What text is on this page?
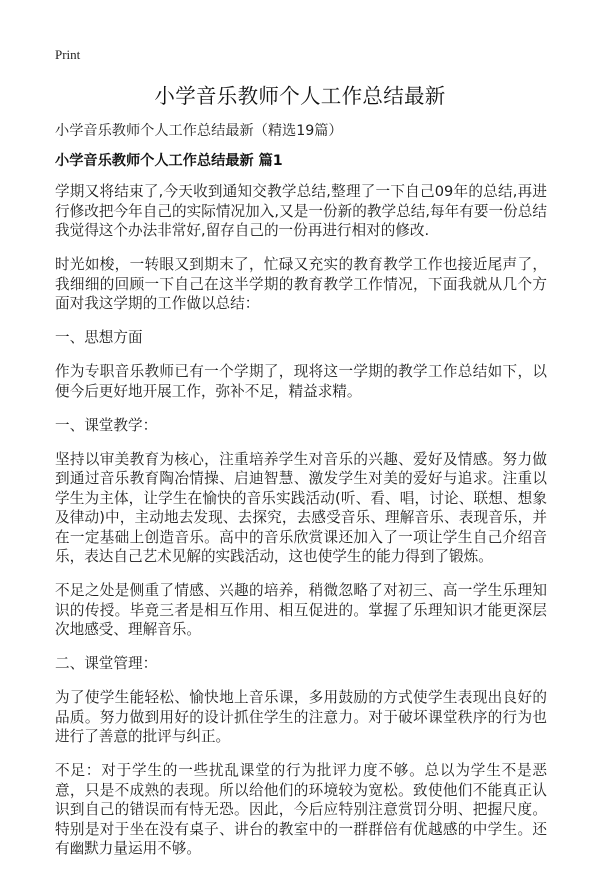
Print

小学音乐教师个人工作总结最新

小学音乐教师个人工作总结最新（精选19篇）

小学音乐教师个人工作总结最新 篇1

学期又将结束了,今天收到通知交教学总结,整理了一下自己09年的总结,再进行修改把今年自己的实际情况加入,又是一份新的教学总结,每年有要一份总结我觉得这个办法非常好,留存自己的一份再进行相对的修改.

时光如梭，一转眼又到期末了，忙碌又充实的教育教学工作也接近尾声了，我细细的回顾一下自己在这半学期的教育教学工作情况，下面我就从几个方面对我这学期的工作做以总结：

一、思想方面

作为专职音乐教师已有一个学期了，现将这一学期的教学工作总结如下，以便今后更好地开展工作，弥补不足，精益求精。

一、课堂教学：

坚持以审美教育为核心，注重培养学生对音乐的兴趣、爱好及情感。努力做到通过音乐教育陶冶情操、启迪智慧、激发学生对美的爱好与追求。注重以学生为主体，让学生在愉快的音乐实践活动(听、看、唱，讨论、联想、想象及律动)中，主动地去发现、去探究，去感受音乐、理解音乐、表现音乐，并在一定基础上创造音乐。高中的音乐欣赏课还加入了一项让学生自己介绍音乐，表达自己艺术见解的实践活动，这也使学生的能力得到了锻炼。

不足之处是侧重了情感、兴趣的培养，稍微忽略了对初三、高一学生乐理知识的传授。毕竟三者是相互作用、相互促进的。掌握了乐理知识才能更深层次地感受、理解音乐。

二、课堂管理：

为了使学生能轻松、愉快地上音乐课，多用鼓励的方式使学生表现出良好的品质。努力做到用好的设计抓住学生的注意力。对于破坏课堂秩序的行为也进行了善意的批评与纠正。

不足：对于学生的一些扰乱课堂的行为批评力度不够。总以为学生不是恶意，只是不成熟的表现。所以给他们的环境较为宽松。致使他们不能真正认识到自己的错误而有恃无恐。因此，今后应特别注意赏罚分明、把握尺度。特别是对于坐在没有桌子、讲台的教室中的一群群倍有优越感的中学生。还有幽默力量运用不够。
